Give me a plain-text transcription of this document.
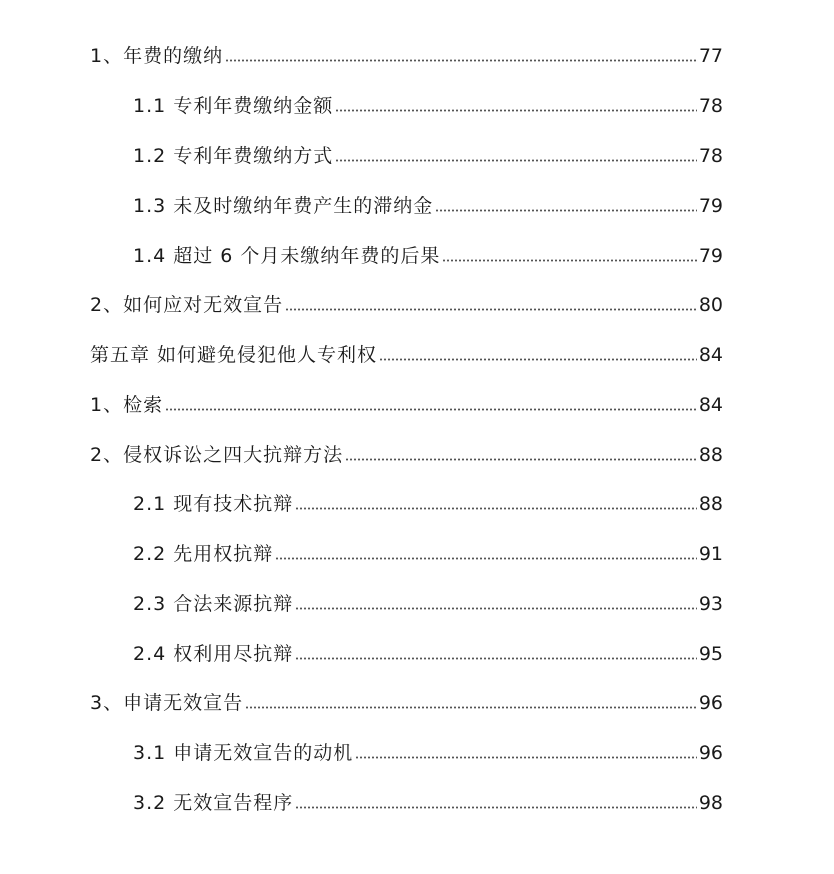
1、年费的缴纳	77
1.1 专利年费缴纳金额	78
1.2 专利年费缴纳方式	78
1.3 未及时缴纳年费产生的滞纳金	79
1.4 超过 6 个月未缴纳年费的后果	79
2、如何应对无效宣告	80
第五章 如何避免侵犯他人专利权	84
1、检索	84
2、侵权诉讼之四大抗辩方法	88
2.1 现有技术抗辩	88
2.2 先用权抗辩	91
2.3 合法来源抗辩	93
2.4 权利用尽抗辩	95
3、申请无效宣告	96
3.1 申请无效宣告的动机	96
3.2 无效宣告程序	98
